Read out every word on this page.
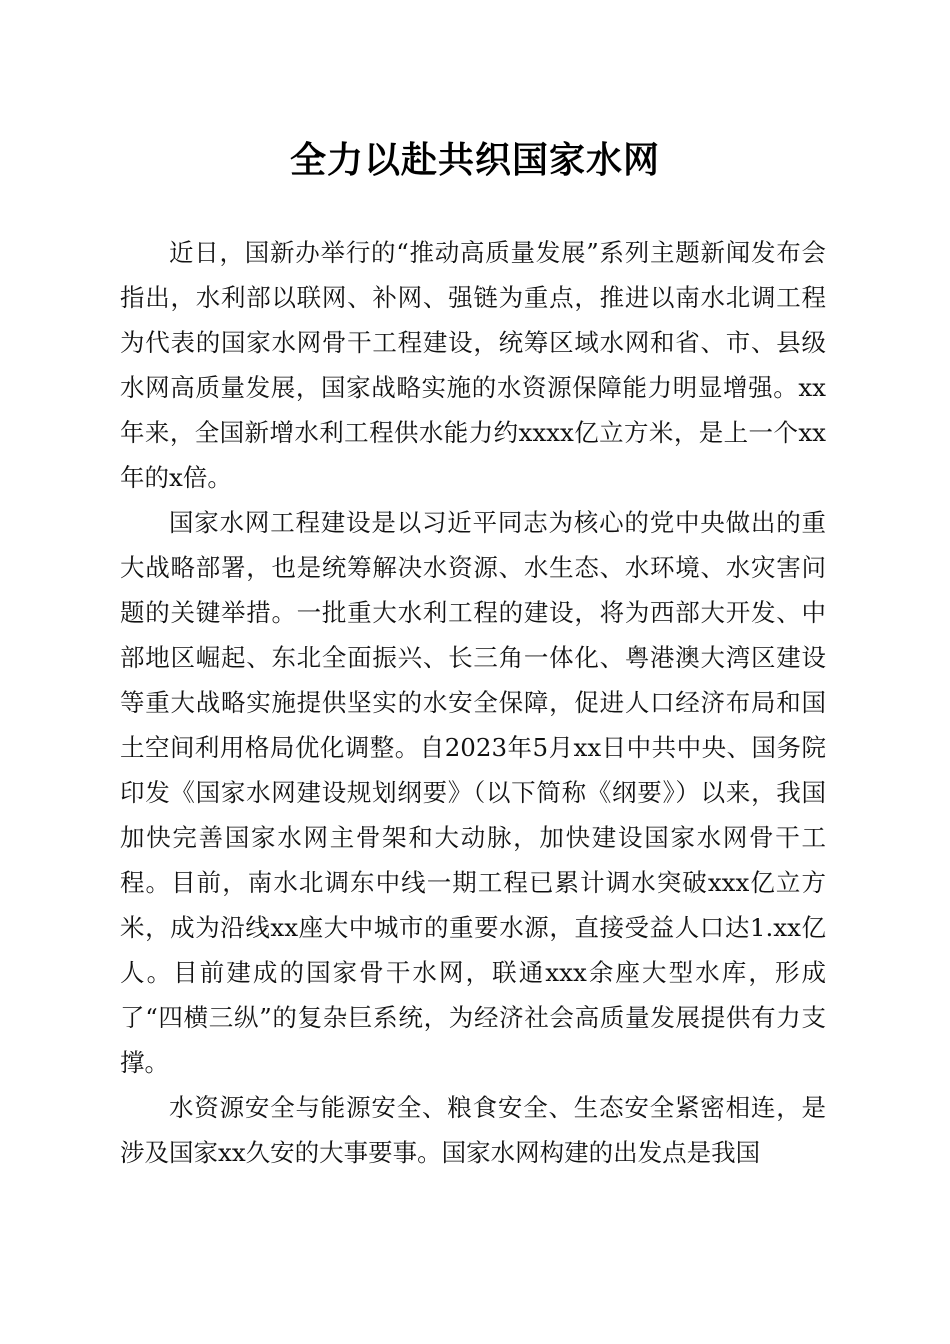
全力以赴共织国家水网

近日，国新办举行的“推动高质量发展”系列主题新闻发布会指出，水利部以联网、补网、强链为重点，推进以南水北调工程为代表的国家水网骨干工程建设，统筹区域水网和省、市、县级水网高质量发展，国家战略实施的水资源保障能力明显增强。xx年来，全国新增水利工程供水能力约xxxx亿立方米，是上一个xx年的x倍。

国家水网工程建设是以习近平同志为核心的党中央做出的重大战略部署，也是统筹解决水资源、水生态、水环境、水灾害问题的关键举措。一批重大水利工程的建设，将为西部大开发、中部地区崛起、东北全面振兴、长三角一体化、粤港澳大湾区建设等重大战略实施提供坚实的水安全保障，促进人口经济布局和国土空间利用格局优化调整。自2023年5月xx日中共中央、国务院印发《国家水网建设规划纲要》（以下简称《纲要》）以来，我国加快完善国家水网主骨架和大动脉，加快建设国家水网骨干工程。目前，南水北调东中线一期工程已累计调水突破xxx亿立方米，成为沿线xx座大中城市的重要水源，直接受益人口达1.xx亿人。目前建成的国家骨干水网，联通xxx余座大型水库，形成了“四横三纵”的复杂巨系统，为经济社会高质量发展提供有力支撑。

水资源安全与能源安全、粮食安全、生态安全紧密相连，是涉及国家xx久安的大事要事。国家水网构建的出发点是我国
